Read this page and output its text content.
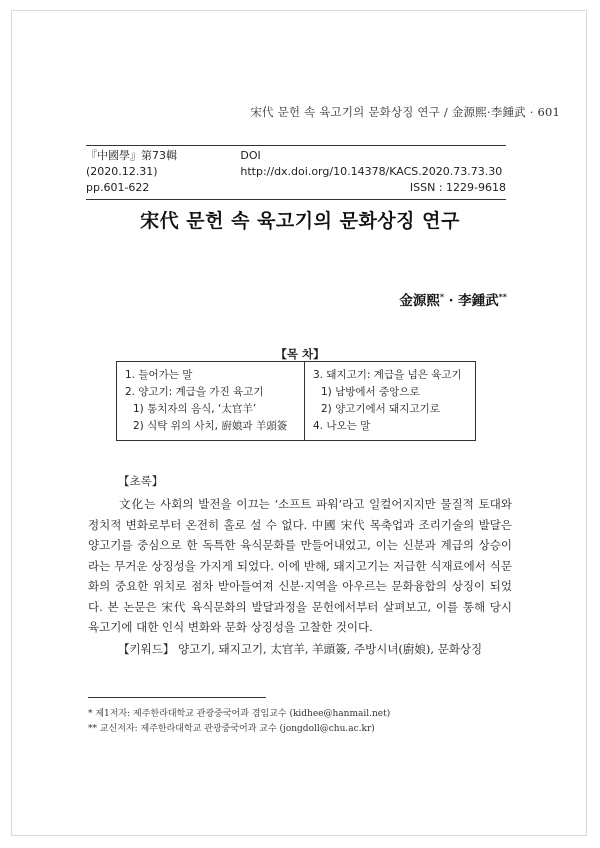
宋代 문헌 속 육고기의 문화상징 연구 / 金源熙·李鍾武 · 601
『中國學』第73輯 (2020.12.31)
DOI http://dx.doi.org/10.14378/KACS.2020.73.73.30
pp.601-622	ISSN : 1229-9618
宋代 문헌 속 육고기의 문화상징 연구
金源熙* · 李鍾武**
【목 차】
1. 들어가는 말
2. 양고기: 계급을 가진 육고기
1) 통치자의 음식, ‘太官羊’
2) 식탁 위의 사치, 廚娘과 羊頭簽
3. 돼지고기: 계급을 넘은 육고기
1) 남방에서 중앙으로
2) 양고기에서 돼지고기로
4. 나오는 말
【초록】

文化는 사회의 발전을 이끄는 ‘소프트 파워’라고 일컬어지지만 물질적 토대와 정치적 변화로부터 온전히 홀로 설 수 없다. 中國 宋代 목축업과 조리기술의 발달은 양고기를 중심으로 한 독특한 육식문화를 만들어내었고, 이는 신분과 계급의 상승이라는 무거운 상징성을 가지게 되었다. 이에 반해, 돼지고기는 저급한 식재료에서 식문화의 중요한 위치로 점차 받아들여져 신분·지역을 아우르는 문화융합의 상징이 되었다. 본 논문은 宋代 육식문화의 발달과정을 문헌에서부터 살펴보고, 이를 통해 당시 육고기에 대한 인식 변화와 문화 상징성을 고찰한 것이다.

【키워드】 양고기, 돼지고기, 太官羊, 羊頭簽, 주방시녀(廚娘), 문화상징
* 제1저자: 제주한라대학교 관광중국어과 겸임교수 (kidhee@hanmail.net)
** 교신저자: 제주한라대학교 관광중국어과 교수 (jongdoll@chu.ac.kr)
